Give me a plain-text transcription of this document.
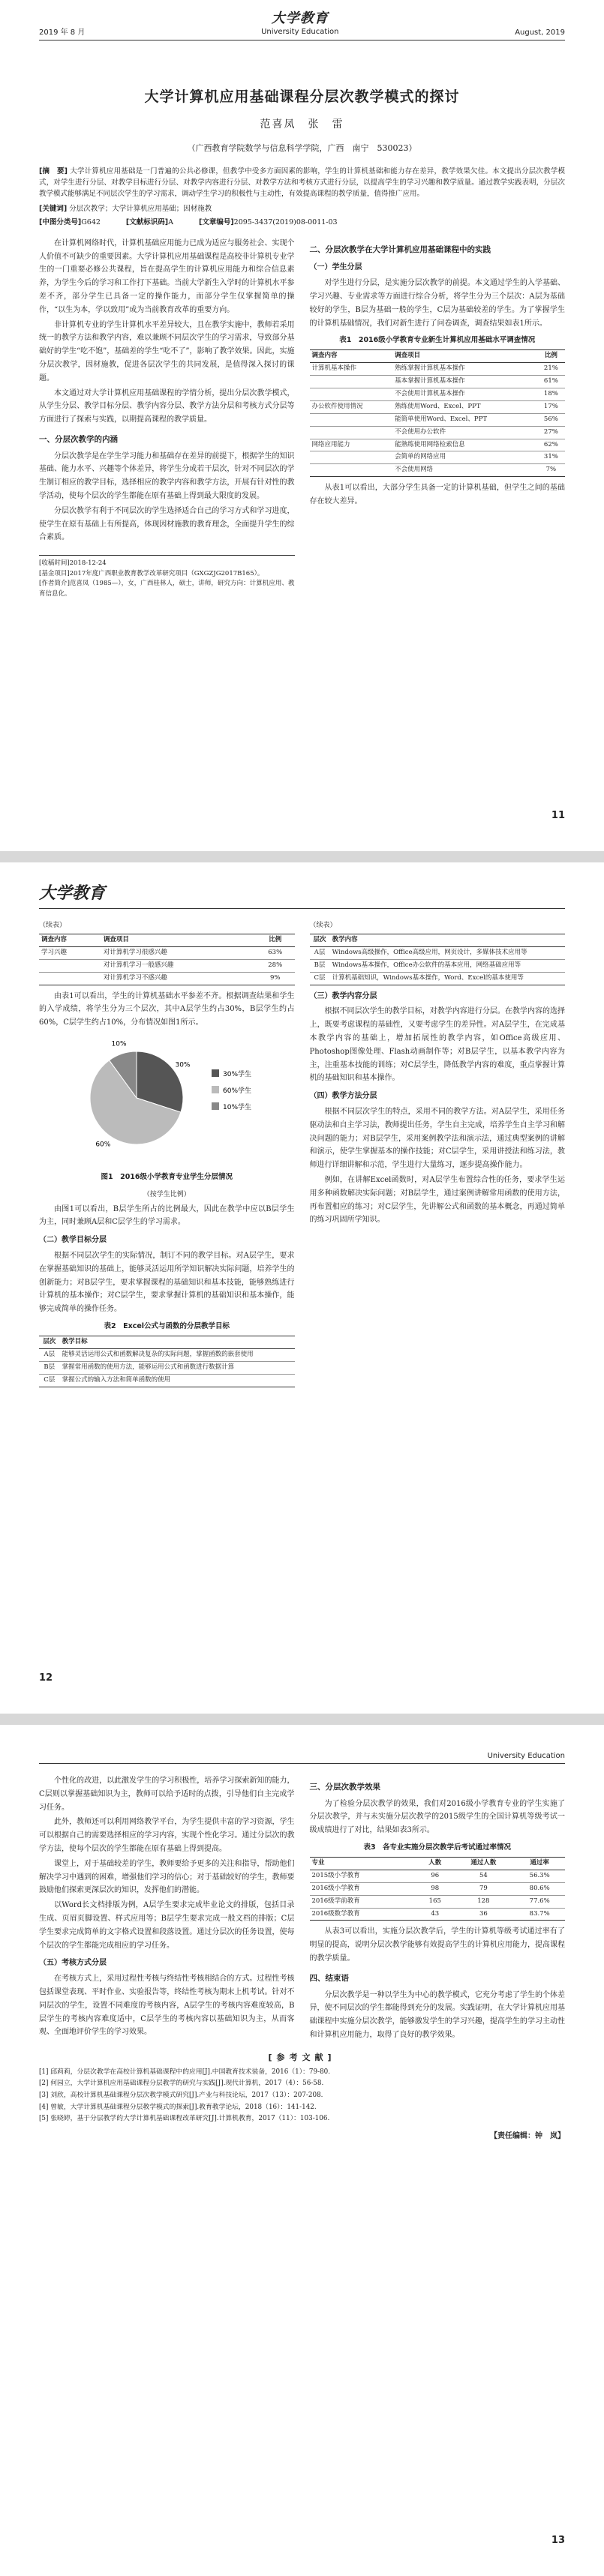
2019 年 8 月
大学教育
University Education	August, 2019
大学计算机应用基础课程分层次教学模式的探讨
范喜凤　张　雷
（广西教育学院数学与信息科学学院，广西　南宁　530023）
[摘　要] 大学计算机应用基础是一门普遍的公共必修课，但教学中受多方面因素的影响，学生的计算机基础和能力存在差异，教学效果欠佳。本文提出分层次教学模式，对学生进行分层、对教学目标进行分层、对教学内容进行分层、对教学方法和考核方式进行分层，以提高学生的学习兴趣和教学质量。通过教学实践表明，分层次教学模式能够满足不同层次学生的学习需求，调动学生学习的积极性与主动性，有效提高课程的教学质量，值得推广应用。
[关键词] 分层次教学；大学计算机应用基础；因材施教
[中图分类号]G642	[文献标识码]A	[文章编号]2095-3437(2019)08-0011-03

在计算机网络时代，计算机基础应用能力已成为适应与服务社会、实现个人价值不可缺少的重要因素。大学计算机应用基础课程是高校非计算机专业学生的一门重要必修公共课程，旨在提高学生的计算机应用能力和综合信息素养，为学生今后的学习和工作打下基础。当前大学新生入学时的计算机水平参差不齐，部分学生已具备一定的操作能力，而部分学生仅掌握简单的操作，“以生为本，学以致用”成为当前教育改革的重要方向。

非计算机专业的学生计算机水平差异较大，且在教学实施中，教师若采用统一的教学方法和教学内容，难以兼顾不同层次学生的学习需求，导致部分基础好的学生“吃不饱”，基础差的学生“吃不了”，影响了教学效果。因此，实施分层次教学，因材施教，促进各层次学生的共同发展，是值得深入探讨的课题。

本文通过对大学计算机应用基础课程的学情分析，提出分层次教学模式，从学生分层、教学目标分层、教学内容分层、教学方法分层和考核方式分层等方面进行了探索与实践，以期提高课程的教学质量。

一、分层次教学的内涵

分层次教学是在学生学习能力和基础存在差异的前提下，根据学生的知识基础、能力水平、兴趣等个体差异，将学生分成若干层次，针对不同层次的学生制订相应的教学目标，选择相应的教学内容和教学方法，开展有针对性的教学活动，使每个层次的学生都能在原有基础上得到最大限度的发展。

分层次教学有利于不同层次的学生选择适合自己的学习方式和学习进度，使学生在原有基础上有所提高，体现因材施教的教育理念，全面提升学生的综合素质。

[收稿时间]2018-12-24
[基金项目]2017年度广西职业教育教学改革研究项目（GXGZJG2017B165）。
[作者简介]范喜凤（1985—），女，广西桂林人，硕士，讲师，研究方向：计算机应用、教育信息化。
二、分层次教学在大学计算机应用基础课程中的实践
（一）学生分层

对学生进行分层，是实施分层次教学的前提。本文通过学生的入学基础、学习兴趣、专业需求等方面进行综合分析，将学生分为三个层次：A层为基础较好的学生，B层为基础一般的学生，C层为基础较差的学生。为了掌握学生的计算机基础情况，我们对新生进行了问卷调查，调查结果如表1所示。

表1　2016级小学教育专业新生计算机应用基础水平调查情况
调查内容	调查项目	比例
计算机基本操作	熟练掌握计算机基本操作	21%
	基本掌握计算机基本操作	61%
	不会使用计算机基本操作	18%
办公软件使用情况	熟练使用Word、Excel、PPT	17%
	能简单使用Word、Excel、PPT	56%
	不会使用办公软件	27%
网络应用能力	能熟练使用网络检索信息	62%
	会简单的网络应用	31%
	不会使用网络	7%

从表1可以看出，大部分学生具备一定的计算机基础，但学生之间的基础存在较大差异。

11
大学教育
（续表）
调查内容	调查项目	比例
学习兴趣	对计算机学习很感兴趣	63%
	对计算机学习一般感兴趣	28%
	对计算机学习不感兴趣	9%

由表1可以看出，学生的计算机基础水平参差不齐。根据调查结果和学生的入学成绩，将学生分为三个层次，其中A层学生约占30%，B层学生约占60%，C层学生约占10%，分布情况如图1所示。

30%
60%
10%
30%学生
60%学生
10%学生
图1　2016级小学教育专业学生分层情况
（按学生比例）

由图1可以看出，B层学生所占的比例最大，因此在教学中应以B层学生为主，同时兼顾A层和C层学生的学习需求。

（二）教学目标分层

根据不同层次学生的实际情况，制订不同的教学目标。对A层学生，要求在掌握基础知识的基础上，能够灵活运用所学知识解决实际问题，培养学生的创新能力；对B层学生，要求掌握课程的基础知识和基本技能，能够熟练进行计算机的基本操作；对C层学生，要求掌握计算机的基础知识和基本操作，能够完成简单的操作任务。

表2　Excel公式与函数的分层教学目标
层次	教学目标
A层	能够灵活运用公式和函数解决复杂的实际问题，掌握函数的嵌套使用
B层	掌握常用函数的使用方法，能够运用公式和函数进行数据计算
C层	掌握公式的输入方法和简单函数的使用
（续表）
层次	教学内容
A层	Windows高级操作，Office高级应用，网页设计，多媒体技术应用等
B层	Windows基本操作，Office办公软件的基本应用，网络基础应用等
C层	计算机基础知识，Windows基本操作，Word、Excel的基本使用等
（三）教学内容分层

根据不同层次学生的教学目标，对教学内容进行分层。在教学内容的选择上，既要考虑课程的基础性，又要考虑学生的差异性。对A层学生，在完成基本教学内容的基础上，增加拓展性的教学内容，如Office高级应用、Photoshop图像处理、Flash动画制作等；对B层学生，以基本教学内容为主，注重基本技能的训练；对C层学生，降低教学内容的难度，重点掌握计算机的基础知识和基本操作。

（四）教学方法分层

根据不同层次学生的特点，采用不同的教学方法。对A层学生，采用任务驱动法和自主学习法，教师提出任务，学生自主完成，培养学生自主学习和解决问题的能力；对B层学生，采用案例教学法和演示法，通过典型案例的讲解和演示，使学生掌握基本的操作技能；对C层学生，采用讲授法和练习法，教师进行详细讲解和示范，学生进行大量练习，逐步提高操作能力。

例如，在讲解Excel函数时，对A层学生布置综合性的任务，要求学生运用多种函数解决实际问题；对B层学生，通过案例讲解常用函数的使用方法，再布置相应的练习；对C层学生，先讲解公式和函数的基本概念，再通过简单的练习巩固所学知识。

12
University Education

个性化的改进，以此激发学生的学习积极性，培养学习探索新知的能力，C层则以掌握基础知识为主，教师可以给予适时的点拨，引导他们自主完成学习任务。

此外，教师还可以利用网络教学平台，为学生提供丰富的学习资源，学生可以根据自己的需要选择相应的学习内容，实现个性化学习。通过分层次的教学方法，使每个层次的学生都能在原有基础上得到提高。

课堂上，对于基础较差的学生，教师要给予更多的关注和指导，帮助他们解决学习中遇到的困难，增强他们学习的信心；对于基础较好的学生，教师要鼓励他们探索更深层次的知识，发挥他们的潜能。

以Word长文档排版为例，A层学生要求完成毕业论文的排版，包括目录生成、页眉页脚设置、样式应用等；B层学生要求完成一般文档的排版；C层学生要求完成简单的文字格式设置和段落设置。通过分层次的任务设置，使每个层次的学生都能完成相应的学习任务。

（五）考核方式分层

在考核方式上，采用过程性考核与终结性考核相结合的方式。过程性考核包括课堂表现、平时作业、实验报告等，终结性考核为期末上机考试。针对不同层次的学生，设置不同难度的考核内容，A层学生的考核内容难度较高，B层学生的考核内容难度适中，C层学生的考核内容以基础知识为主，从而客观、全面地评价学生的学习效果。

三、分层次教学效果

为了检验分层次教学的效果，我们对2016级小学教育专业的学生实施了分层次教学，并与未实施分层次教学的2015级学生的全国计算机等级考试一级成绩进行了对比，结果如表3所示。

表3　各专业实施分层次教学后考试通过率情况
专业	人数	通过人数	通过率
2015级小学教育	96	54	56.3%
2016级小学教育	98	79	80.6%
2016级学前教育	165	128	77.6%
2016级数学教育	43	36	83.7%

从表3可以看出，实施分层次教学后，学生的计算机等级考试通过率有了明显的提高，说明分层次教学能够有效提高学生的计算机应用能力，提高课程的教学质量。

四、结束语

分层次教学是一种以学生为中心的教学模式，它充分考虑了学生的个体差异，使不同层次的学生都能得到充分的发展。实践证明，在大学计算机应用基础课程中实施分层次教学，能够激发学生的学习兴趣，提高学生的学习主动性和计算机应用能力，取得了良好的教学效果。

[参考文献]

[1] 邱莉莉，分层次教学在高校计算机基础课程中的应用[J].中国教育技术装备，2016（1）：79-80.

[2] 何园立，大学计算机应用基础课程分层教学的研究与实践[J].现代计算机，2017（4）：56-58.

[3] 刘欣，高校计算机基础课程分层次教学模式研究[J].产业与科技论坛，2017（13）：207-208.

[4] 曾敏，大学计算机基础课程分层教学模式的探索[J].教育教学论坛，2018（16）：141-142.

[5] 张晓婷，基于分层教学的大学计算机基础课程改革研究[J].计算机教育，2017（11）：103-106.

【责任编辑：钟　岚】
13
